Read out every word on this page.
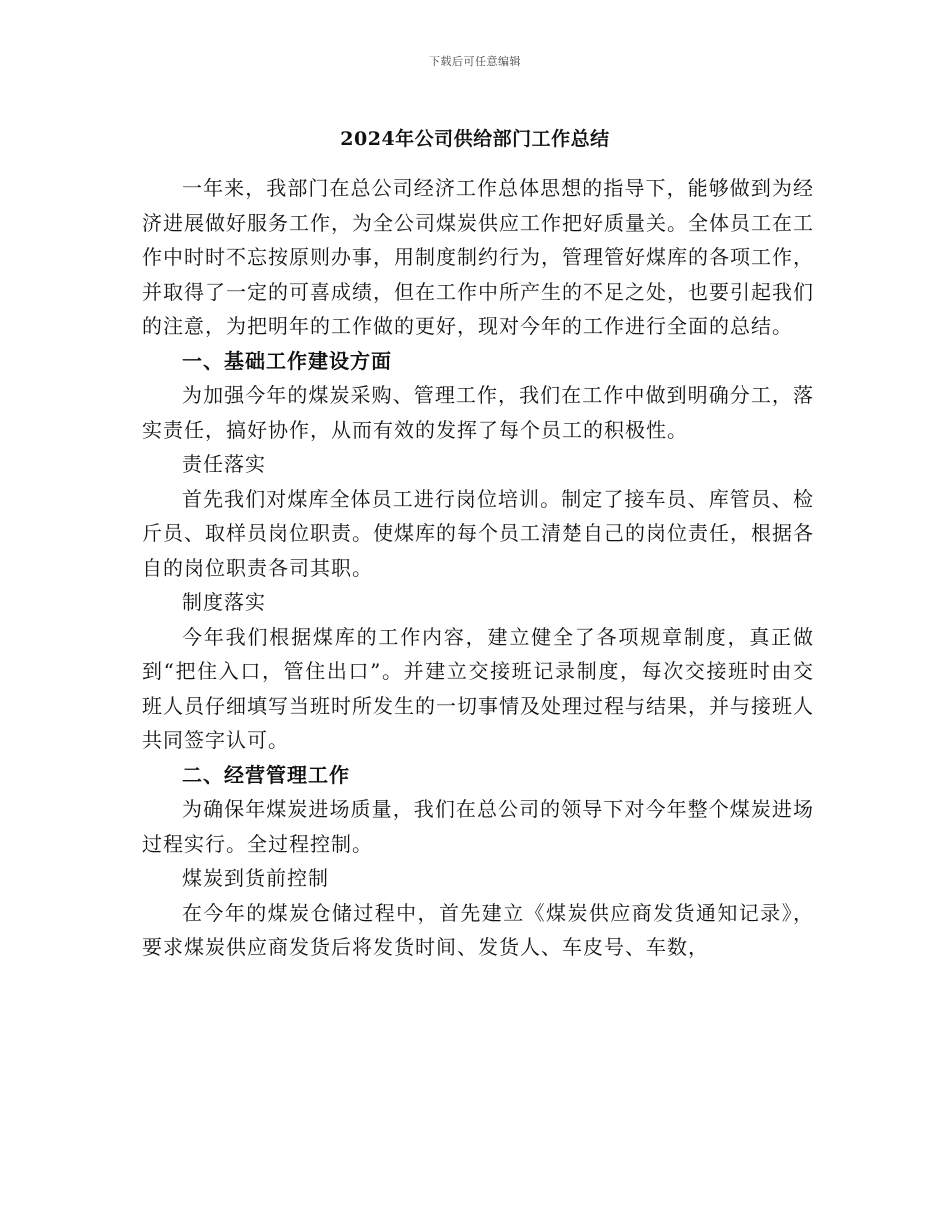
下载后可任意编辑
2024年公司供给部门工作总结

一年来，我部门在总公司经济工作总体思想的指导下，能够做到为经济进展做好服务工作，为全公司煤炭供应工作把好质量关。全体员工在工作中时时不忘按原则办事，用制度制约行为，管理管好煤库的各项工作，并取得了一定的可喜成绩，但在工作中所产生的不足之处，也要引起我们的注意，为把明年的工作做的更好，现对今年的工作进行全面的总结。

一、基础工作建设方面

为加强今年的煤炭采购、管理工作，我们在工作中做到明确分工，落实责任，搞好协作，从而有效的发挥了每个员工的积极性。

责任落实

首先我们对煤库全体员工进行岗位培训。制定了接车员、库管员、检斤员、取样员岗位职责。使煤库的每个员工清楚自己的岗位责任，根据各自的岗位职责各司其职。

制度落实

今年我们根据煤库的工作内容，建立健全了各项规章制度，真正做到“把住入口，管住出口”。并建立交接班记录制度，每次交接班时由交班人员仔细填写当班时所发生的一切事情及处理过程与结果，并与接班人共同签字认可。

二、经营管理工作

为确保年煤炭进场质量，我们在总公司的领导下对今年整个煤炭进场过程实行。全过程控制。

煤炭到货前控制

在今年的煤炭仓储过程中，首先建立《煤炭供应商发货通知记录》，要求煤炭供应商发货后将发货时间、发货人、车皮号、车数，
